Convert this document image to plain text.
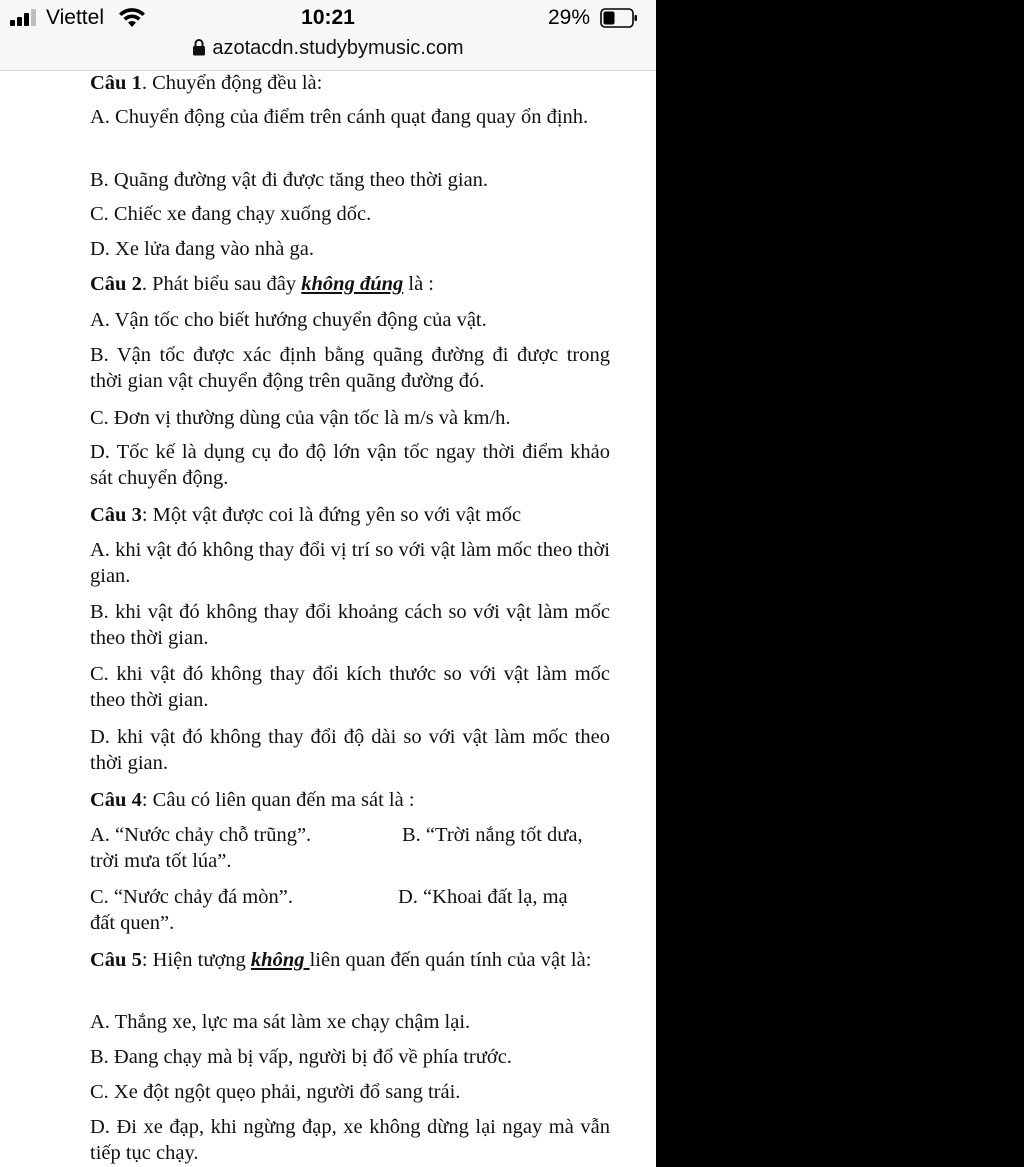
Viettel	10:21	29%
azotacdn.studybymusic.com

Câu 1. Chuyển động đều là:

A. Chuyển động của điểm trên cánh quạt đang quay ổn định.

B. Quãng đường vật đi được tăng theo thời gian.

C. Chiếc xe đang chạy xuống dốc.

D. Xe lửa đang vào nhà ga.

Câu 2. Phát biểu sau đây không đúng là :

A. Vận tốc cho biết hướng chuyển động của vật.

B. Vận tốc được xác định bằng quãng đường đi được trong thời gian vật chuyển động trên quãng đường đó.

C. Đơn vị thường dùng của vận tốc là m/s và km/h.

D. Tốc kế là dụng cụ đo độ lớn vận tốc ngay thời điểm khảo sát chuyển động.

Câu 3: Một vật được coi là đứng yên so với vật mốc

A. khi vật đó không thay đổi vị trí so với vật làm mốc theo thời gian.

B. khi vật đó không thay đổi khoảng cách so với vật làm mốc theo thời gian.

C. khi vật đó không thay đổi kích thước so với vật làm mốc theo thời gian.

D. khi vật đó không thay đổi độ dài so với vật làm mốc theo thời gian.

Câu 4: Câu có liên quan đến ma sát là :

A. “Nước chảy chỗ trũng”.	B. “Trời nắng tốt dưa,
trời mưa tốt lúa”.
C. “Nước chảy đá mòn”.	D. “Khoai đất lạ, mạ
đất quen”.

Câu 5: Hiện tượng không liên quan đến quán tính của vật là:

A. Thắng xe, lực ma sát làm xe chạy chậm lại.

B. Đang chạy mà bị vấp, người bị đổ về phía trước.

C. Xe đột ngột quẹo phải, người đổ sang trái.

D. Đi xe đạp, khi ngừng đạp, xe không dừng lại ngay mà vẫn tiếp tục chạy.
